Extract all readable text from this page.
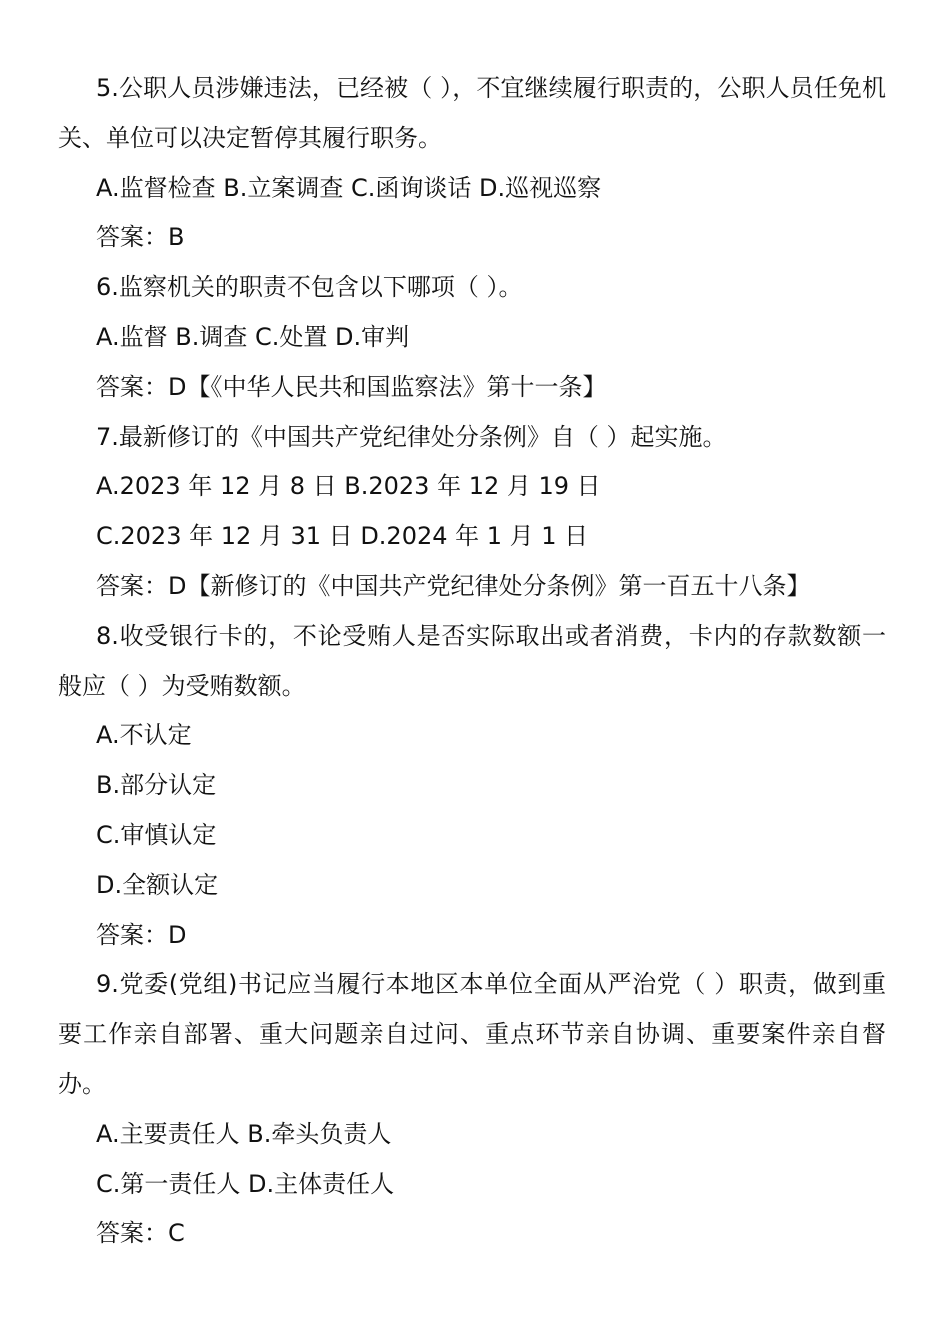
5.公职人员涉嫌违法，已经被（ ），不宜继续履行职责的，公职人员任免机关、单位可以决定暂停其履行职务。
A.监督检查 B.立案调查 C.函询谈话 D.巡视巡察
答案：B
6.监察机关的职责不包含以下哪项（ ）。
A.监督 B.调查 C.处置 D.审判
答案：D【《中华人民共和国监察法》第十一条】
7.最新修订的《中国共产党纪律处分条例》自（ ）起实施。
A.2023 年 12 月 8 日 B.2023 年 12 月 19 日
C.2023 年 12 月 31 日 D.2024 年 1 月 1 日
答案：D【新修订的《中国共产党纪律处分条例》第一百五十八条】
8.收受银行卡的，不论受贿人是否实际取出或者消费，卡内的存款数额一般应（ ）为受贿数额。
A.不认定
B.部分认定
C.审慎认定
D.全额认定
答案：D
9.党委(党组)书记应当履行本地区本单位全面从严治党（ ）职责，做到重要工作亲自部署、重大问题亲自过问、重点环节亲自协调、重要案件亲自督办。
A.主要责任人 B.牵头负责人
C.第一责任人 D.主体责任人
答案：C
